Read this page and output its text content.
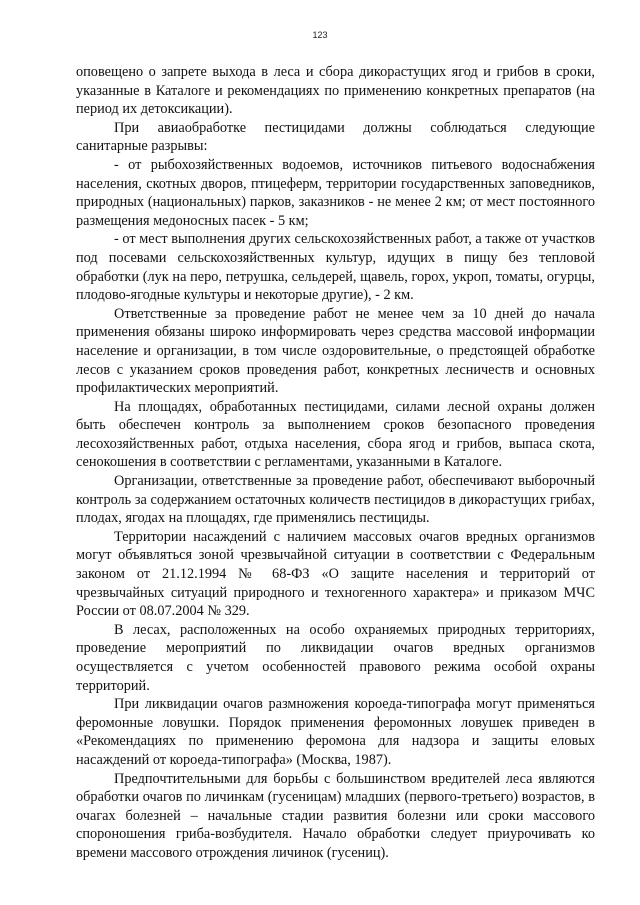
123

оповещено о запрете выхода в леса и сбора дикорастущих ягод и грибов в сроки, указанные в Каталоге и рекомендациях по применению конкретных препаратов (на период их детоксикации).

При авиаобработке пестицидами должны соблюдаться следующие санитарные разрывы:

- от рыбохозяйственных водоемов, источников питьевого водоснабжения населения, скотных дворов, птицеферм, территории государственных заповедников, природных (национальных) парков, заказников - не менее 2 км; от мест постоянного размещения медоносных пасек - 5 км;

- от мест выполнения других сельскохозяйственных работ, а также от участков под посевами сельскохозяйственных культур, идущих в пищу без тепловой обработки (лук на перо, петрушка, сельдерей, щавель, горох, укроп, томаты, огурцы, плодово-ягодные культуры и некоторые другие), - 2 км.

Ответственные за проведение работ не менее чем за 10 дней до начала применения обязаны широко информировать через средства массовой информации население и организации, в том числе оздоровительные, о предстоящей обработке лесов с указанием сроков проведения работ, конкретных лесничеств и основных профилактических мероприятий.

На площадях, обработанных пестицидами, силами лесной охраны должен быть обеспечен контроль за выполнением сроков безопасного проведения лесохозяйственных работ, отдыха населения, сбора ягод и грибов, выпаса скота, сенокошения в соответствии с регламентами, указанными в Каталоге.

Организации, ответственные за проведение работ, обеспечивают выборочный контроль за содержанием остаточных количеств пестицидов в дикорастущих грибах, плодах, ягодах на площадях, где применялись пестициды.

Территории насаждений с наличием массовых очагов вредных организмов могут объявляться зоной чрезвычайной ситуации в соответствии с Федеральным законом от 21.12.1994 № 68-ФЗ «О защите населения и территорий от чрезвычайных ситуаций природного и техногенного характера» и приказом МЧС России от 08.07.2004 № 329.

В лесах, расположенных на особо охраняемых природных территориях, проведение мероприятий по ликвидации очагов вредных организмов осуществляется с учетом особенностей правового режима особой охраны территорий.

При ликвидации очагов размножения короеда-типографа могут применяться феромонные ловушки. Порядок применения феромонных ловушек приведен в «Рекомендациях по применению феромона для надзора и защиты еловых насаждений от короеда-типографа» (Москва, 1987).

Предпочтительными для борьбы с большинством вредителей леса являются обработки очагов по личинкам (гусеницам) младших (первого-третьего) возрастов, в очагах болезней – начальные стадии развития болезни или сроки массового спороношения гриба-возбудителя. Начало обработки следует приурочивать ко времени массового отрождения личинок (гусениц).
